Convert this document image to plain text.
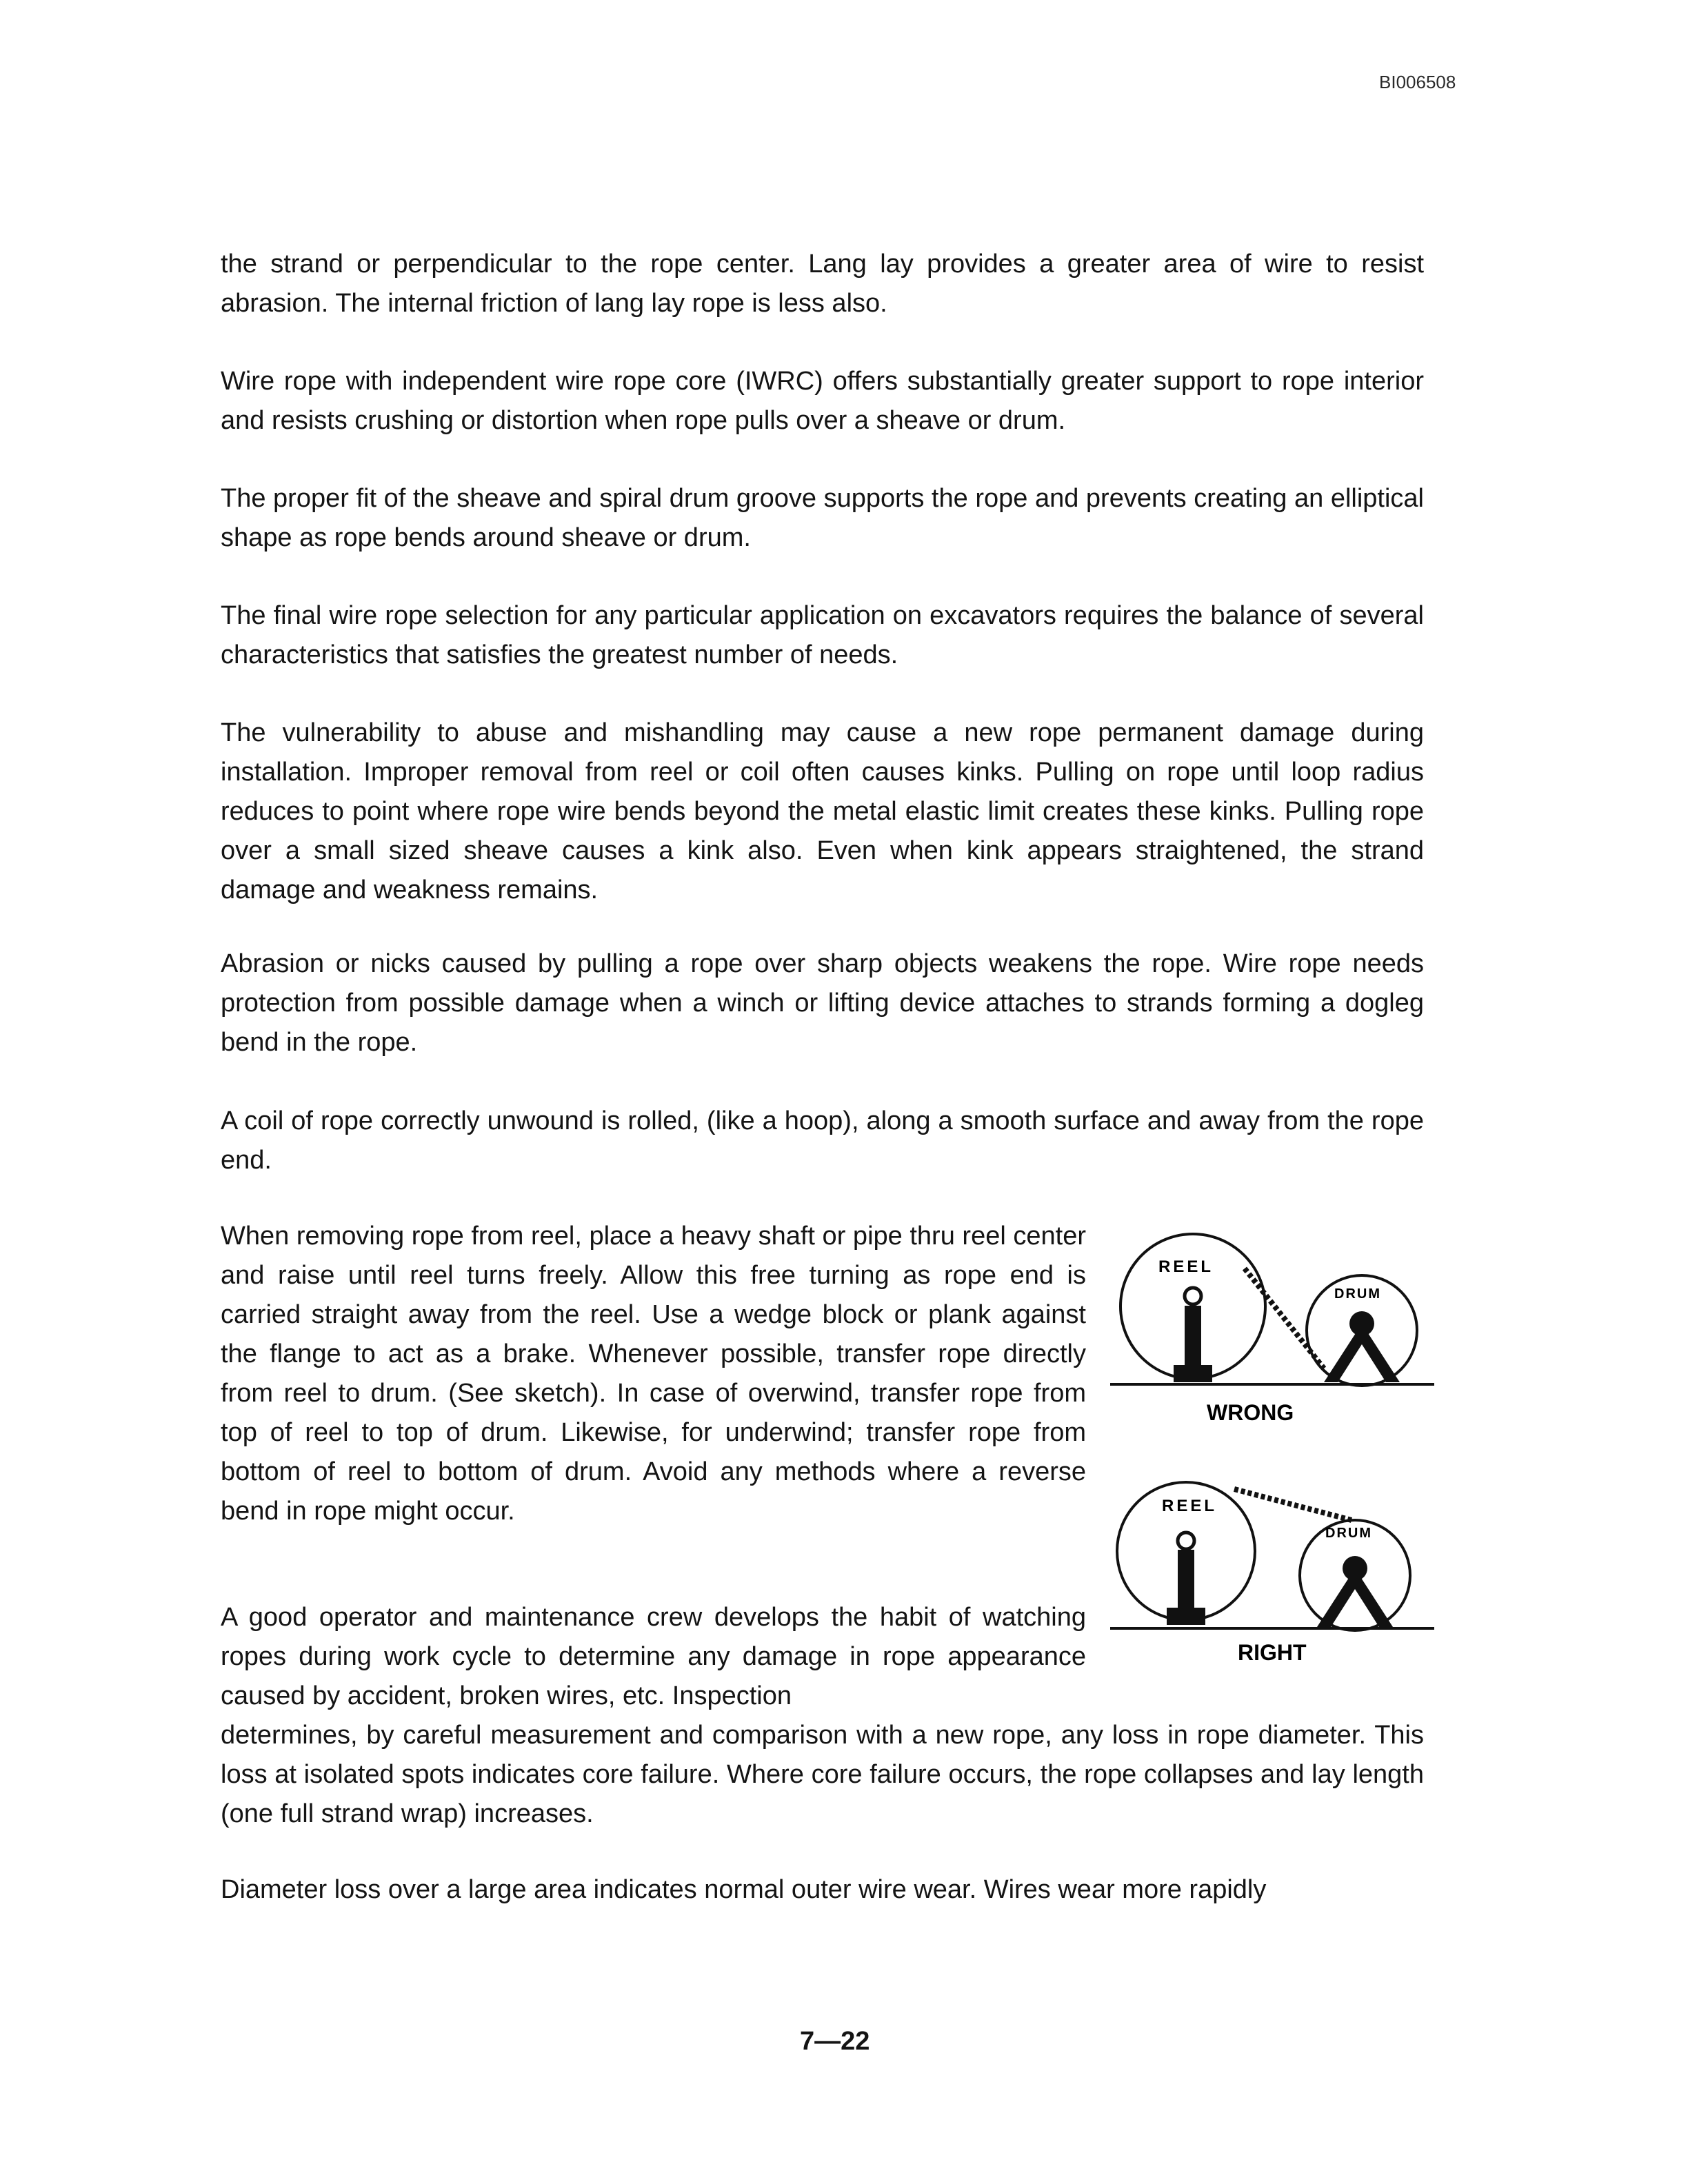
BI006508

the strand or perpendicular to the rope center. Lang lay provides a greater area of wire to resist abrasion. The internal friction of lang lay rope is less also.

Wire rope with independent wire rope core (IWRC) offers substantially greater support to rope interior and resists crushing or distortion when rope pulls over a sheave or drum.

The proper fit of the sheave and spiral drum groove supports the rope and prevents creating an elliptical shape as rope bends around sheave or drum.

The final wire rope selection for any particular application on excavators requires the balance of several characteristics that satisfies the greatest number of needs.

The vulnerability to abuse and mishandling may cause a new rope permanent damage during installation. Improper removal from reel or coil often causes kinks. Pulling on rope until loop radius reduces to point where rope wire bends beyond the metal elastic limit creates these kinks. Pulling rope over a small sized sheave causes a kink also. Even when kink appears straightened, the strand damage and weakness remains.

Abrasion or nicks caused by pulling a rope over sharp objects weakens the rope. Wire rope needs protection from possible damage when a winch or lifting device attaches to strands forming a dogleg bend in the rope.

A coil of rope correctly unwound is rolled, (like a hoop), along a smooth surface and away from the rope end.

When removing rope from reel, place a heavy shaft or pipe thru reel center and raise until reel turns freely. Allow this free turning as rope end is carried straight away from the reel. Use a wedge block or plank against the flange to act as a brake. Whenever possible, transfer rope directly from reel to drum. (See sketch). In case of overwind, transfer rope from top of reel to top of drum. Likewise, for underwind; transfer rope from bottom of reel to bottom of drum. Avoid any methods where a reverse bend in rope might occur.

A good operator and maintenance crew develops the habit of watching ropes during work cycle to determine any damage in rope appearance caused by accident, broken wires, etc. Inspection

determines, by careful measurement and comparison with a new rope, any loss in rope diameter. This loss at isolated spots indicates core failure. Where core failure occurs, the rope collapses and lay length (one full strand wrap) increases.

Diameter loss over a large area indicates normal outer wire wear. Wires wear more rapidly

REEL
DRUM
WRONG
REEL
DRUM
RIGHT
7—22
